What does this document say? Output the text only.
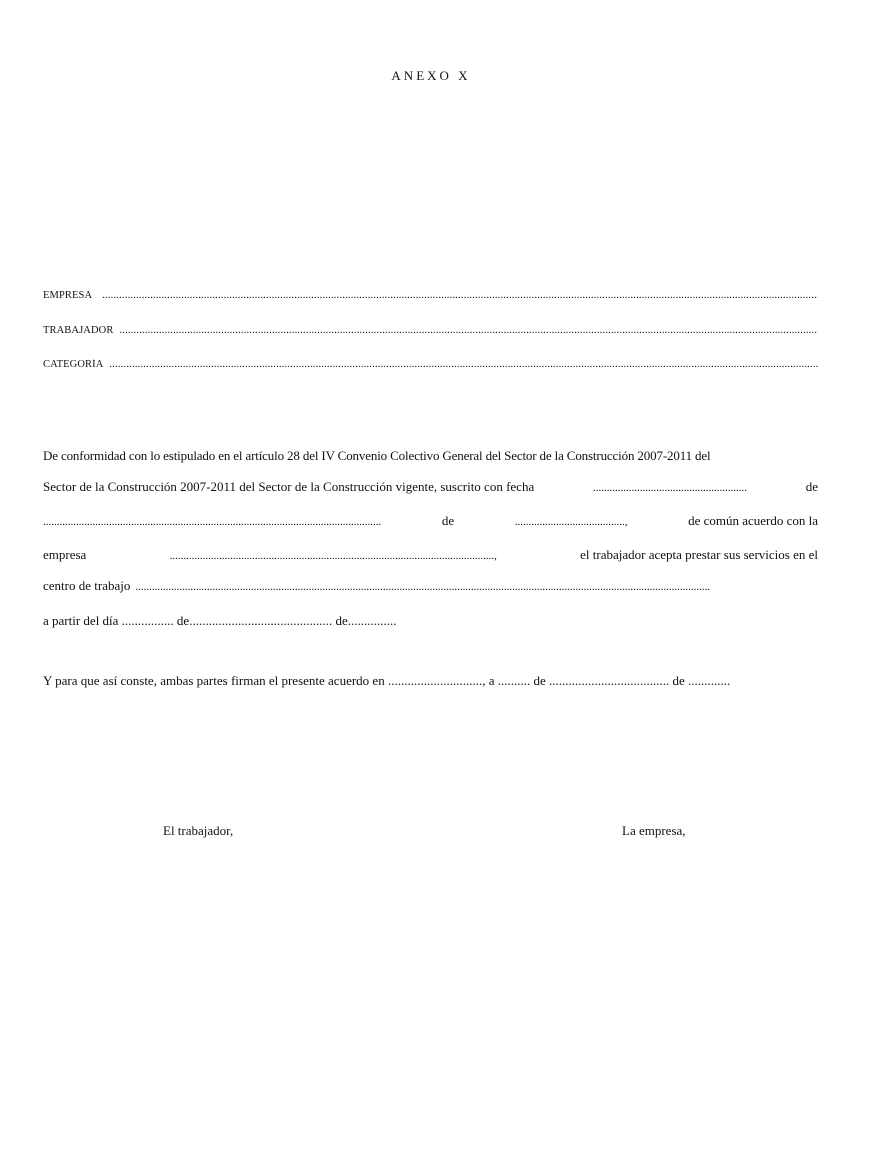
ANEXO X
EMPRESA
.....
TRABAJADOR
.....
CATEGORÍA
.....
De conformidad con lo estipulado en el artículo 28 del IV Convenio Colectivo General del Sector de la Construcción 2007-2011 del
Sector de la Construcción 2007-2011 del Sector de la Construcción vigente, suscrito con fecha	........................................................	de
...........................................................................................................................	de	........................................,	de común acuerdo con la
empresa	......................................................................................................................,	el trabajador acepta prestar sus servicios en el
centro de trabajo .................................................................................................................................................................................................................
a partir del día ................ de............................................ de...............
Y para que así conste, ambas partes firman el presente acuerdo en ............................., a .......... de ..................................... de .............
El trabajador,	La empresa,
